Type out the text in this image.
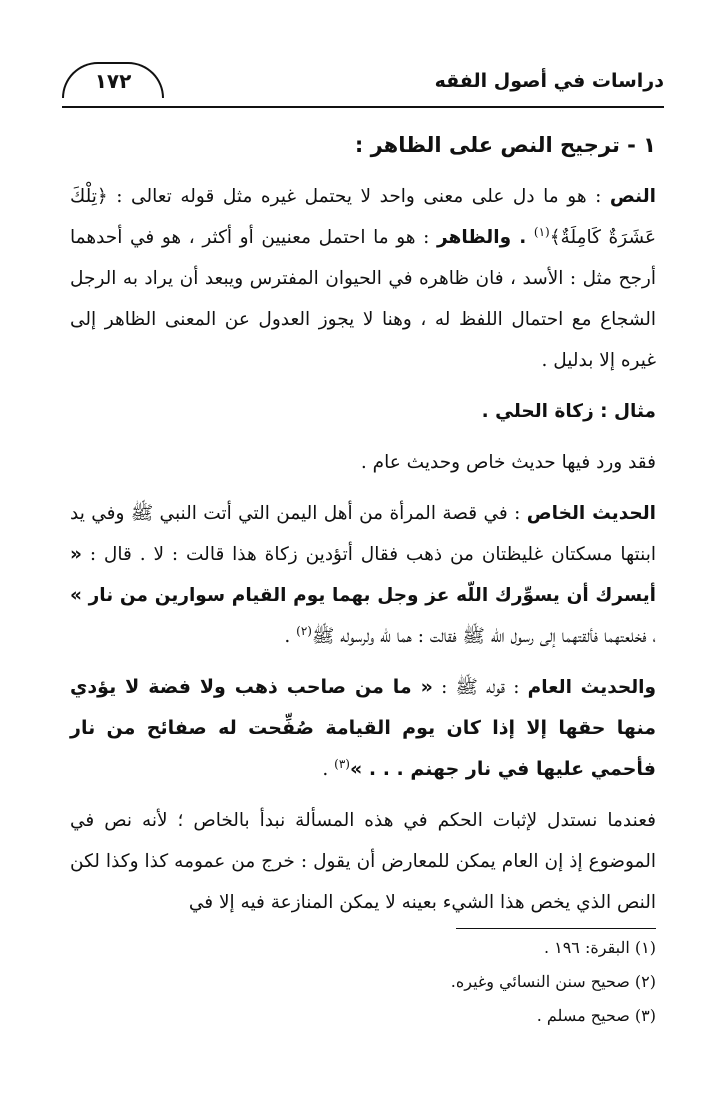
١٧٢	دراسات في أصول الفقه

١ - ترجيح النص على الظاهر :

النص : هو ما دل على معنى واحد لا يحتمل غيره مثل قوله تعالى : ﴿تِلْكَ عَشَرَةٌ كَامِلَةٌ﴾$^{(١)}$ . والظاهر : هو ما احتمل معنيين أو أكثر ، هو في أحدهما أرجح مثل : الأسد ، فان ظاهره في الحيوان المفترس ويبعد أن يراد به الرجل الشجاع مع احتمال اللفظ له ، وهنا لا يجوز العدول عن المعنى الظاهر إلى غيره إلا بدليل .

مثال : زكاة الحلي .

فقد ورد فيها حديث خاص وحديث عام .

الحديث الخاص : في قصة المرأة من أهل اليمن التي أتت النبي ﷺ وفي يد ابنتها مسكتان غليظتان من ذهب فقال أتؤدين زكاة هذا قالت : لا . قال : « أيسرك أن يسوِّرك اللّه عز وجل بهما يوم القيام سوارين من نار » ، فخلعتهما فألقتهما إلى رسول اللّه ﷺ فقالت : هما للّه ولرسوله ﷺ$^{(٢)}$ .

والحديث العام : قوله ﷺ : « ما من صاحب ذهب ولا فضة لا يؤدي منها حقها إلا إذا كان يوم القيامة صُفِّحت له صفائح من نار فأحمي عليها في نار جهنم . . . »$^{(٣)}$ .

فعندما نستدل لإثبات الحكم في هذه المسألة نبدأ بالخاص ؛ لأنه نص في الموضوع إذ إن العام يمكن للمعارض أن يقول : خرج من عمومه كذا وكذا لكن النص الذي يخص هذا الشيء بعينه لا يمكن المنازعة فيه إلا في

(١) البقرة: ١٩٦ .

(٢) صحيح سنن النسائي وغيره.

(٣) صحيح مسلم .
